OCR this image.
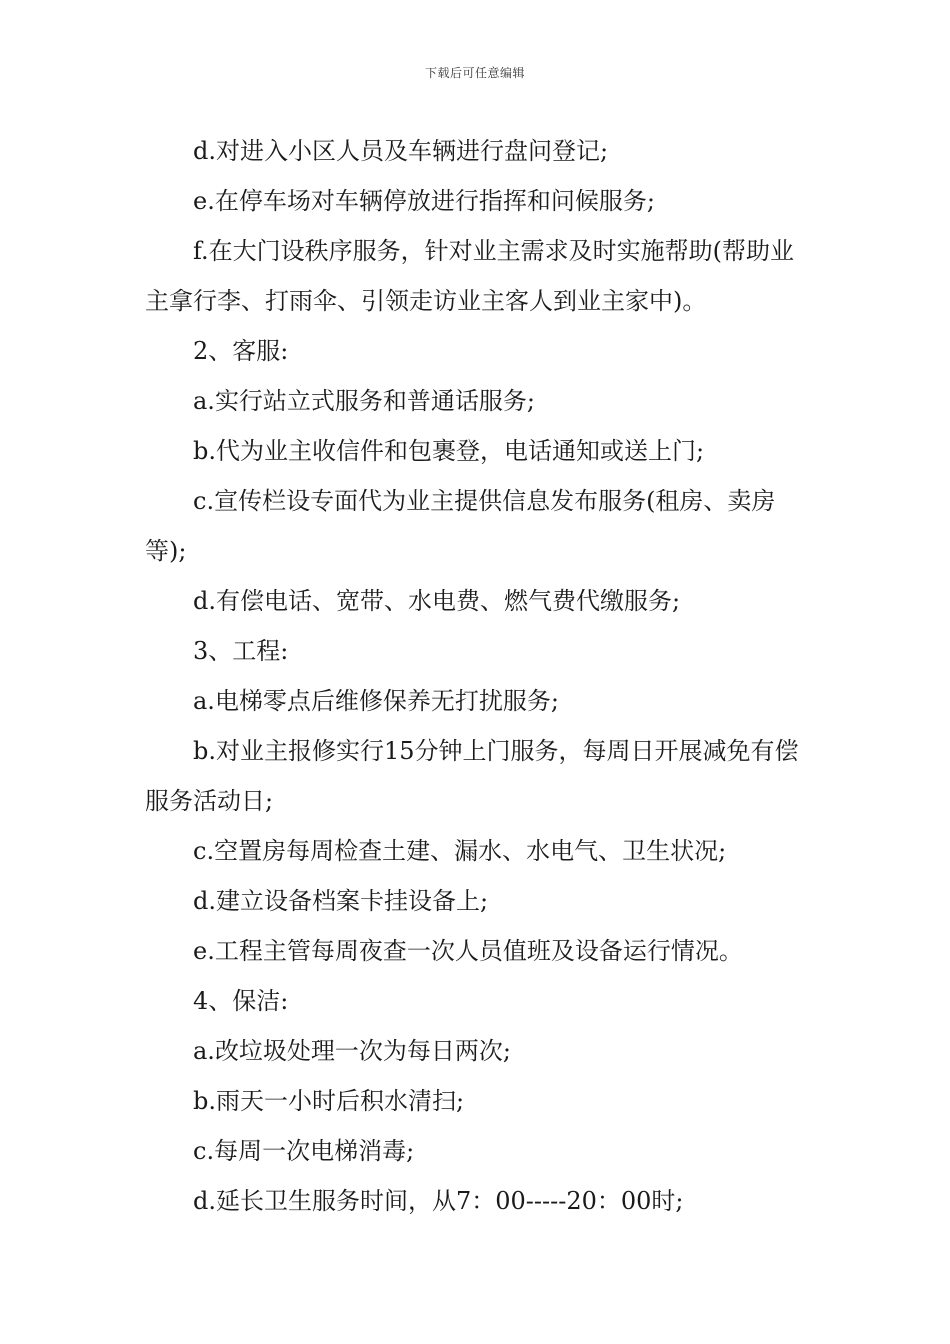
下载后可任意编辑

d.对进入小区人员及车辆进行盘问登记;

e.在停车场对车辆停放进行指挥和问候服务;

f.在大门设秩序服务，针对业主需求及时实施帮助(帮助业主拿行李、打雨伞、引领走访业主客人到业主家中)。

2、客服:

a.实行站立式服务和普通话服务;

b.代为业主收信件和包裹登，电话通知或送上门;

c.宣传栏设专面代为业主提供信息发布服务(租房、卖房等);

d.有偿电话、宽带、水电费、燃气费代缴服务;

3、工程:

a.电梯零点后维修保养无打扰服务;

b.对业主报修实行15分钟上门服务，每周日开展减免有偿服务活动日;

c.空置房每周检查土建、漏水、水电气、卫生状况;

d.建立设备档案卡挂设备上;

e.工程主管每周夜查一次人员值班及设备运行情况。

4、保洁:

a.改垃圾处理一次为每日两次;

b.雨天一小时后积水清扫;

c.每周一次电梯消毒;

d.延长卫生服务时间，从7：00-----20：00时;
